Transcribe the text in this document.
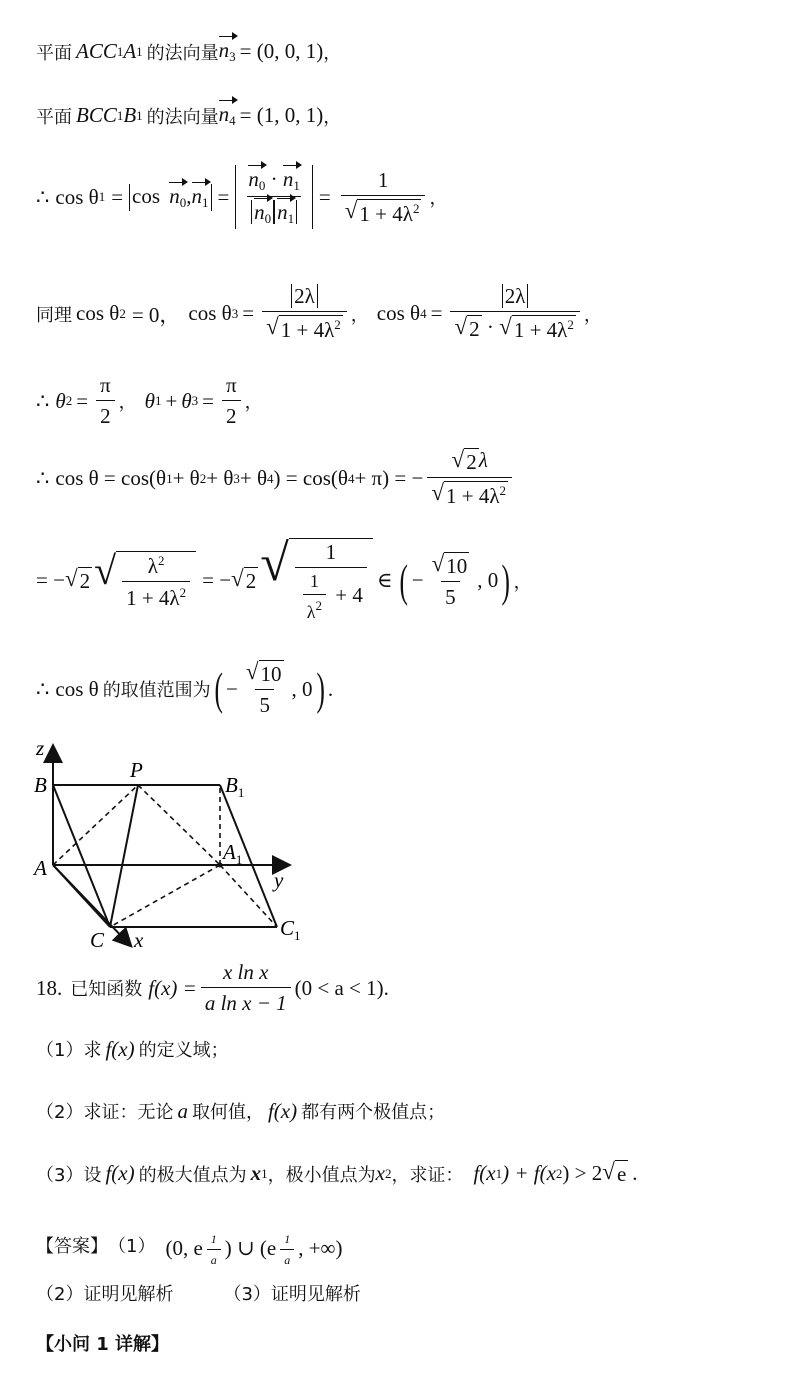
平面 ACC 1 A 1 的法向量 $n_3 = (0$, 0, 1) ，
平面 BCC 1 B 1 的法向量 $n_4 = (1$, 0, 1) ，
∴ cos θ $1 = \cos n_0,n_1 = \frac{n_0 \cdot n_1}{n_0 n_1} = \frac{1}{√ 1 + 4\lambda^2}$ ，
同理 cos θ 2 = 0， cos θ $3 = \frac{2\lambda}{√ 1 + 4\lambda^2}$ ， cos θ $4 = \frac{2\lambda}{√ 2 \cdot √ 1 + 4\lambda^2}$ ，
∴ θ $2 = \frac{\pi}{2}$ ， θ 1 + θ $3 = \frac{\pi}{2}$ ，
∴ cos θ = cos(θ 1 + θ 2 + θ 3 + θ 4 ) = cos(θ 4 + π) = − $\frac{√ 2 \lambda}{√ 1 + 4\lambda^2}$
= − √ 2 √ $\frac{\lambda^2}{1 + 4\lambda^2}$ = − √ 2 √ $\frac{1}{\frac{1}{\lambda^2} + 4}$ ∈ ( − $\frac{√ 10}{5}$ , 0 ) ，
∴ cos θ 的取值范围为 ( − $\frac{√ 10}{5}$ , 0 ) .
z
B
P
$B_1$
A
$A_1$
y
C x	$C_1$
18. 已知函数 $f(x) = \frac{\text{x ln x}}{\text{a ln x − 1}} (0 < a < 1)$.
（1）求 f(x) 的定义域；
（2）求证：无论 a 取何值， f(x) 都有两个极值点；
（3）设 f(x) 的极大值点为 x 1 ，极小值点为 x 2 ，求证： f(x 1 ) + f(x 2 ) > 2 √ e .
【答案】 （1） (0, e $^{\frac{1}{a}}$ ) ∪ (e $^{\frac{1}{a}}$ , +∞)
（2）证明见解析	（3）证明见解析
【小问 1 详解】
